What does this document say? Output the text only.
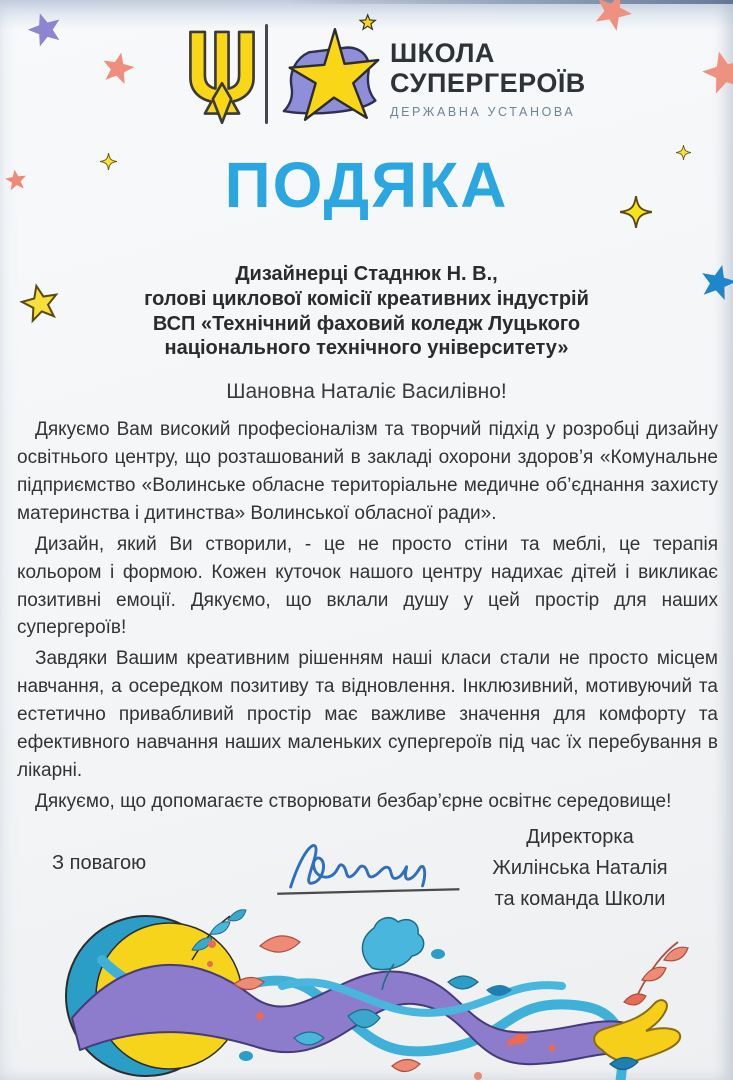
ШКОЛА
СУПЕРГЕРОЇВ
ДЕРЖАВНА УСТАНОВА
ПОДЯКА
Дизайнерці Стаднюк Н. В.,
голові циклової комісії креативних індустрій
ВСП «Технічний фаховий коледж Луцького
національного технічного університету»
Шановна Наталіє Василівно!

Дякуємо Вам високий професіоналізм та творчий підхід у розробці дизайну освітнього центру, що розташований в закладі охорони здоров’я «Комунальне підприємство «Волинське обласне територіальне медичне об’єднання захисту материнства і дитинства» Волинської обласної ради».

Дизайн, який Ви створили, - це не просто стіни та меблі, це терапія кольором і формою. Кожен куточок нашого центру надихає дітей і викликає позитивні емоції. Дякуємо, що вклали душу у цей простір для наших супергероїв!

Завдяки Вашим креативним рішенням наші класи стали не просто місцем навчання, а осередком позитиву та відновлення. Інклюзивний, мотивуючий та естетично привабливий простір має важливе значення для комфорту та ефективного навчання наших маленьких супергероїв під час їх перебування в лікарні.

Дякуємо, що допомагаєте створювати безбар’єрне освітнє середовище!

З повагою
Директорка
Жилінська Наталія
та команда Школи
